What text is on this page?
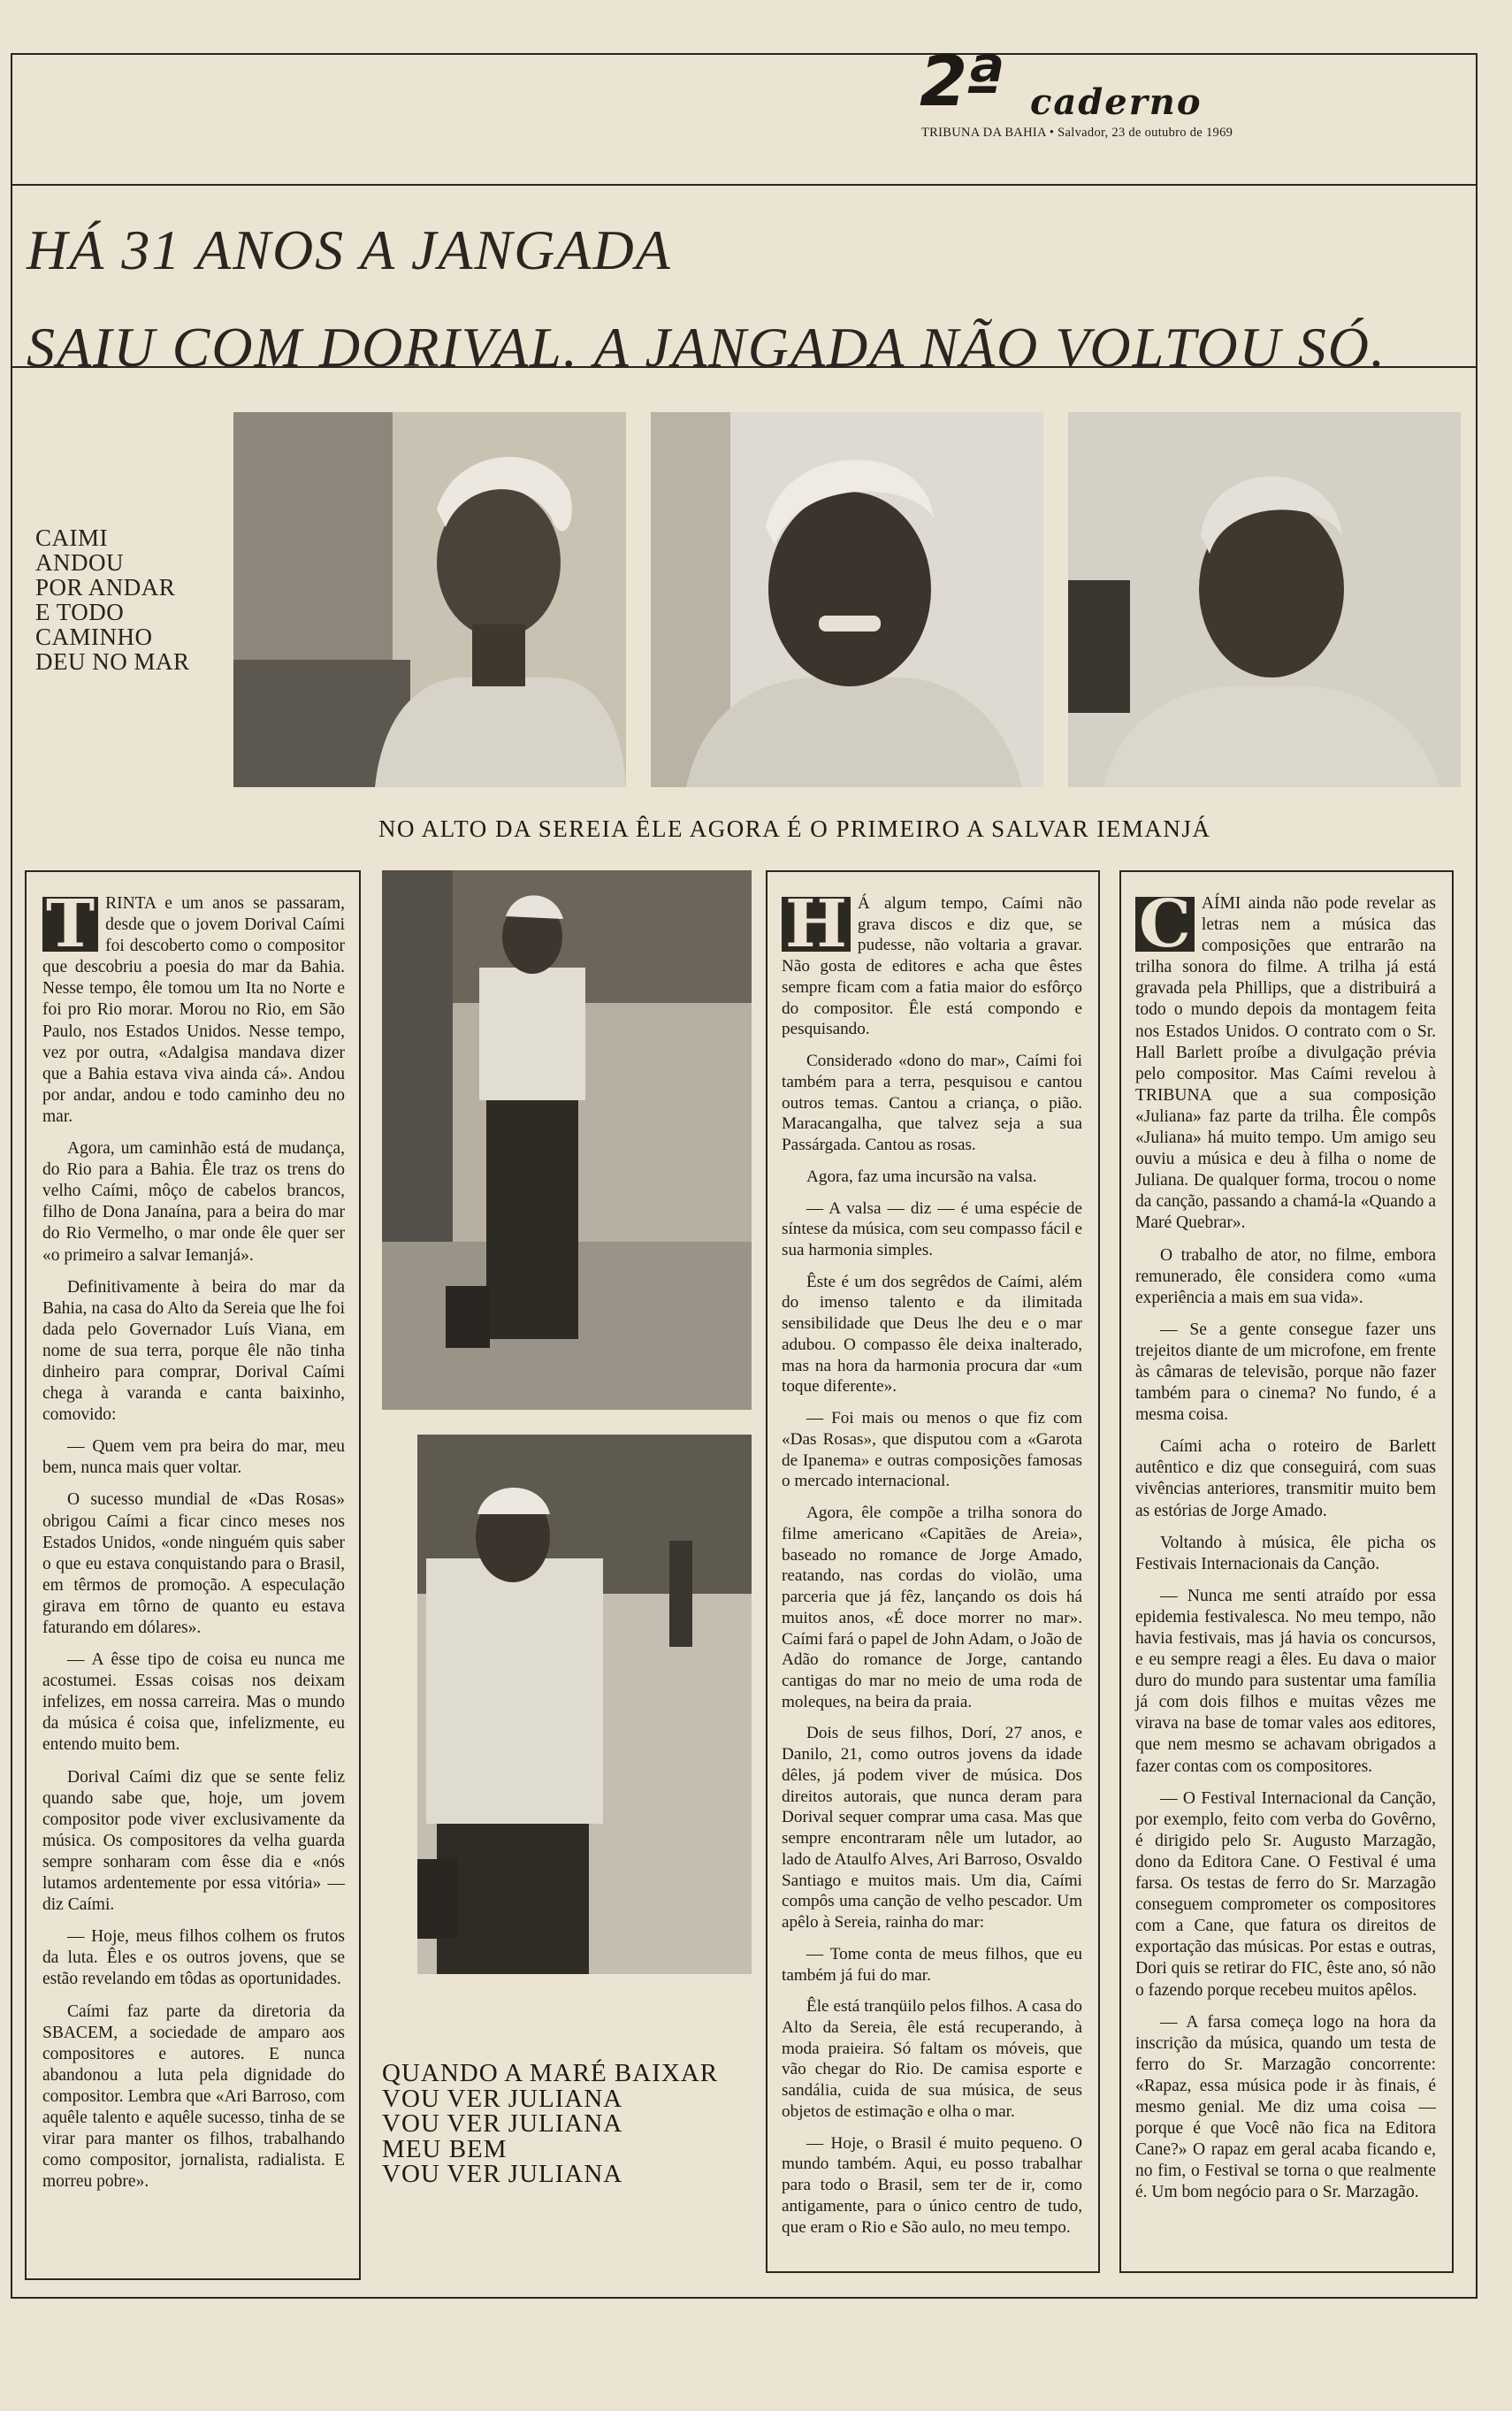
2ª caderno
TRIBUNA DA BAHIA • Salvador, 23 de outubro de 1969
HÁ 31 ANOS A JANGADA
SAIU COM DORIVAL. A JANGADA NÃO VOLTOU SÓ.
CAIMI
ANDOU
POR ANDAR
E TODO
CAMINHO
DEU NO MAR
NO ALTO DA SEREIA ÊLE AGORA É O PRIMEIRO A SALVAR IEMANJÁ

T RINTA e um anos se passaram, desde que o jovem Dorival Caími foi descoberto como o compositor que descobriu a poesia do mar da Bahia. Nesse tempo, êle tomou um Ita no Norte e foi pro Rio morar. Morou no Rio, em São Paulo, nos Estados Unidos. Nesse tempo, vez por outra, «Adalgisa mandava dizer que a Bahia estava viva ainda cá». Andou por andar, andou e todo caminho deu no mar.

Agora, um caminhão está de mudança, do Rio para a Bahia. Êle traz os trens do velho Caími, môço de cabelos brancos, filho de Dona Janaína, para a beira do mar do Rio Vermelho, o mar onde êle quer ser «o primeiro a salvar Iemanjá».

Definitivamente à beira do mar da Bahia, na casa do Alto da Sereia que lhe foi dada pelo Governador Luís Viana, em nome de sua terra, porque êle não tinha dinheiro para comprar, Dorival Caími chega à varanda e canta baixinho, comovido:

— Quem vem pra beira do mar, meu bem, nunca mais quer voltar.

O sucesso mundial de «Das Rosas» obrigou Caími a ficar cinco meses nos Estados Unidos, «onde ninguém quis saber o que eu estava conquistando para o Brasil, em têrmos de promoção. A especulação girava em tôrno de quanto eu estava faturando em dólares».

— A êsse tipo de coisa eu nunca me acostumei. Essas coisas nos deixam infelizes, em nossa carreira. Mas o mundo da música é coisa que, infelizmente, eu entendo muito bem.

Dorival Caími diz que se sente feliz quando sabe que, hoje, um jovem compositor pode viver exclusivamente da música. Os compositores da velha guarda sempre sonharam com êsse dia e «nós lutamos ardentemente por essa vitória» — diz Caími.

— Hoje, meus filhos colhem os frutos da luta. Êles e os outros jovens, que se estão revelando em tôdas as oportunidades.

Caími faz parte da diretoria da SBACEM, a sociedade de amparo aos compositores e autores. E nunca abandonou a luta pela dignidade do compositor. Lembra que «Ari Barroso, com aquêle talento e aquêle sucesso, tinha de se virar para manter os filhos, trabalhando como compositor, jornalista, radialista. E morreu pobre».

QUANDO A MARÉ BAIXAR
VOU VER JULIANA
VOU VER JULIANA
MEU BEM
VOU VER JULIANA

H Á algum tempo, Caími não grava discos e diz que, se pudesse, não voltaria a gravar. Não gosta de editores e acha que êstes sempre ficam com a fatia maior do esfôrço do compositor. Êle está compondo e pesquisando.

Considerado «dono do mar», Caími foi também para a terra, pesquisou e cantou outros temas. Cantou a criança, o pião. Maracangalha, que talvez seja a sua Passárgada. Cantou as rosas.

Agora, faz uma incursão na valsa.

— A valsa — diz — é uma espécie de síntese da música, com seu compasso fácil e sua harmonia simples.

Êste é um dos segrêdos de Caími, além do imenso talento e da ilimitada sensibilidade que Deus lhe deu e o mar adubou. O compasso êle deixa inalterado, mas na hora da harmonia procura dar «um toque diferente».

— Foi mais ou menos o que fiz com «Das Rosas», que disputou com a «Garota de Ipanema» e outras composições famosas o mercado internacional.

Agora, êle compõe a trilha sonora do filme americano «Capitães de Areia», baseado no romance de Jorge Amado, reatando, nas cordas do violão, uma parceria que já fêz, lançando os dois há muitos anos, «É doce morrer no mar». Caími fará o papel de John Adam, o João de Adão do romance de Jorge, cantando cantigas do mar no meio de uma roda de moleques, na beira da praia.

Dois de seus filhos, Dorí, 27 anos, e Danilo, 21, como outros jovens da idade dêles, já podem viver de música. Dos direitos autorais, que nunca deram para Dorival sequer comprar uma casa. Mas que sempre encontraram nêle um lutador, ao lado de Ataulfo Alves, Ari Barroso, Osvaldo Santiago e muitos mais. Um dia, Caími compôs uma canção de velho pescador. Um apêlo à Sereia, rainha do mar:

— Tome conta de meus filhos, que eu também já fui do mar.

Êle está tranqüilo pelos filhos. A casa do Alto da Sereia, êle está recuperando, à moda praieira. Só faltam os móveis, que vão chegar do Rio. De camisa esporte e sandália, cuida de sua música, de seus objetos de estimação e olha o mar.

— Hoje, o Brasil é muito pequeno. O mundo também. Aqui, eu posso trabalhar para todo o Brasil, sem ter de ir, como antigamente, para o único centro de tudo, que eram o Rio e São aulo, no meu tempo.

C AÍMI ainda não pode revelar as letras nem a música das composições que entrarão na trilha sonora do filme. A trilha já está gravada pela Phillips, que a distribuirá a todo o mundo depois da montagem feita nos Estados Unidos. O contrato com o Sr. Hall Barlett proíbe a divulgação prévia pelo compositor. Mas Caími revelou à TRIBUNA que a sua composição «Juliana» faz parte da trilha. Êle compôs «Juliana» há muito tempo. Um amigo seu ouviu a música e deu à filha o nome de Juliana. De qualquer forma, trocou o nome da canção, passando a chamá-la «Quando a Maré Quebrar».

O trabalho de ator, no filme, embora remunerado, êle considera como «uma experiência a mais em sua vida».

— Se a gente consegue fazer uns trejeitos diante de um microfone, em frente às câmaras de televisão, porque não fazer também para o cinema? No fundo, é a mesma coisa.

Caími acha o roteiro de Barlett autêntico e diz que conseguirá, com suas vivências anteriores, transmitir muito bem as estórias de Jorge Amado.

Voltando à música, êle picha os Festivais Internacionais da Canção.

— Nunca me senti atraído por essa epidemia festivalesca. No meu tempo, não havia festivais, mas já havia os concursos, e eu sempre reagi a êles. Eu dava o maior duro do mundo para sustentar uma família já com dois filhos e muitas vêzes me virava na base de tomar vales aos editores, que nem mesmo se achavam obrigados a fazer contas com os compositores.

— O Festival Internacional da Canção, por exemplo, feito com verba do Govêrno, é dirigido pelo Sr. Augusto Marzagão, dono da Editora Cane. O Festival é uma farsa. Os testas de ferro do Sr. Marzagão conseguem comprometer os compositores com a Cane, que fatura os direitos de exportação das músicas. Por estas e outras, Dori quis se retirar do FIC, êste ano, só não o fazendo porque recebeu muitos apêlos.

— A farsa começa logo na hora da inscrição da música, quando um testa de ferro do Sr. Marzagão concorrente: «Rapaz, essa música pode ir às finais, é mesmo genial. Me diz uma coisa — porque é que Você não fica na Editora Cane?» O rapaz em geral acaba ficando e, no fim, o Festival se torna o que realmente é. Um bom negócio para o Sr. Marzagão.
